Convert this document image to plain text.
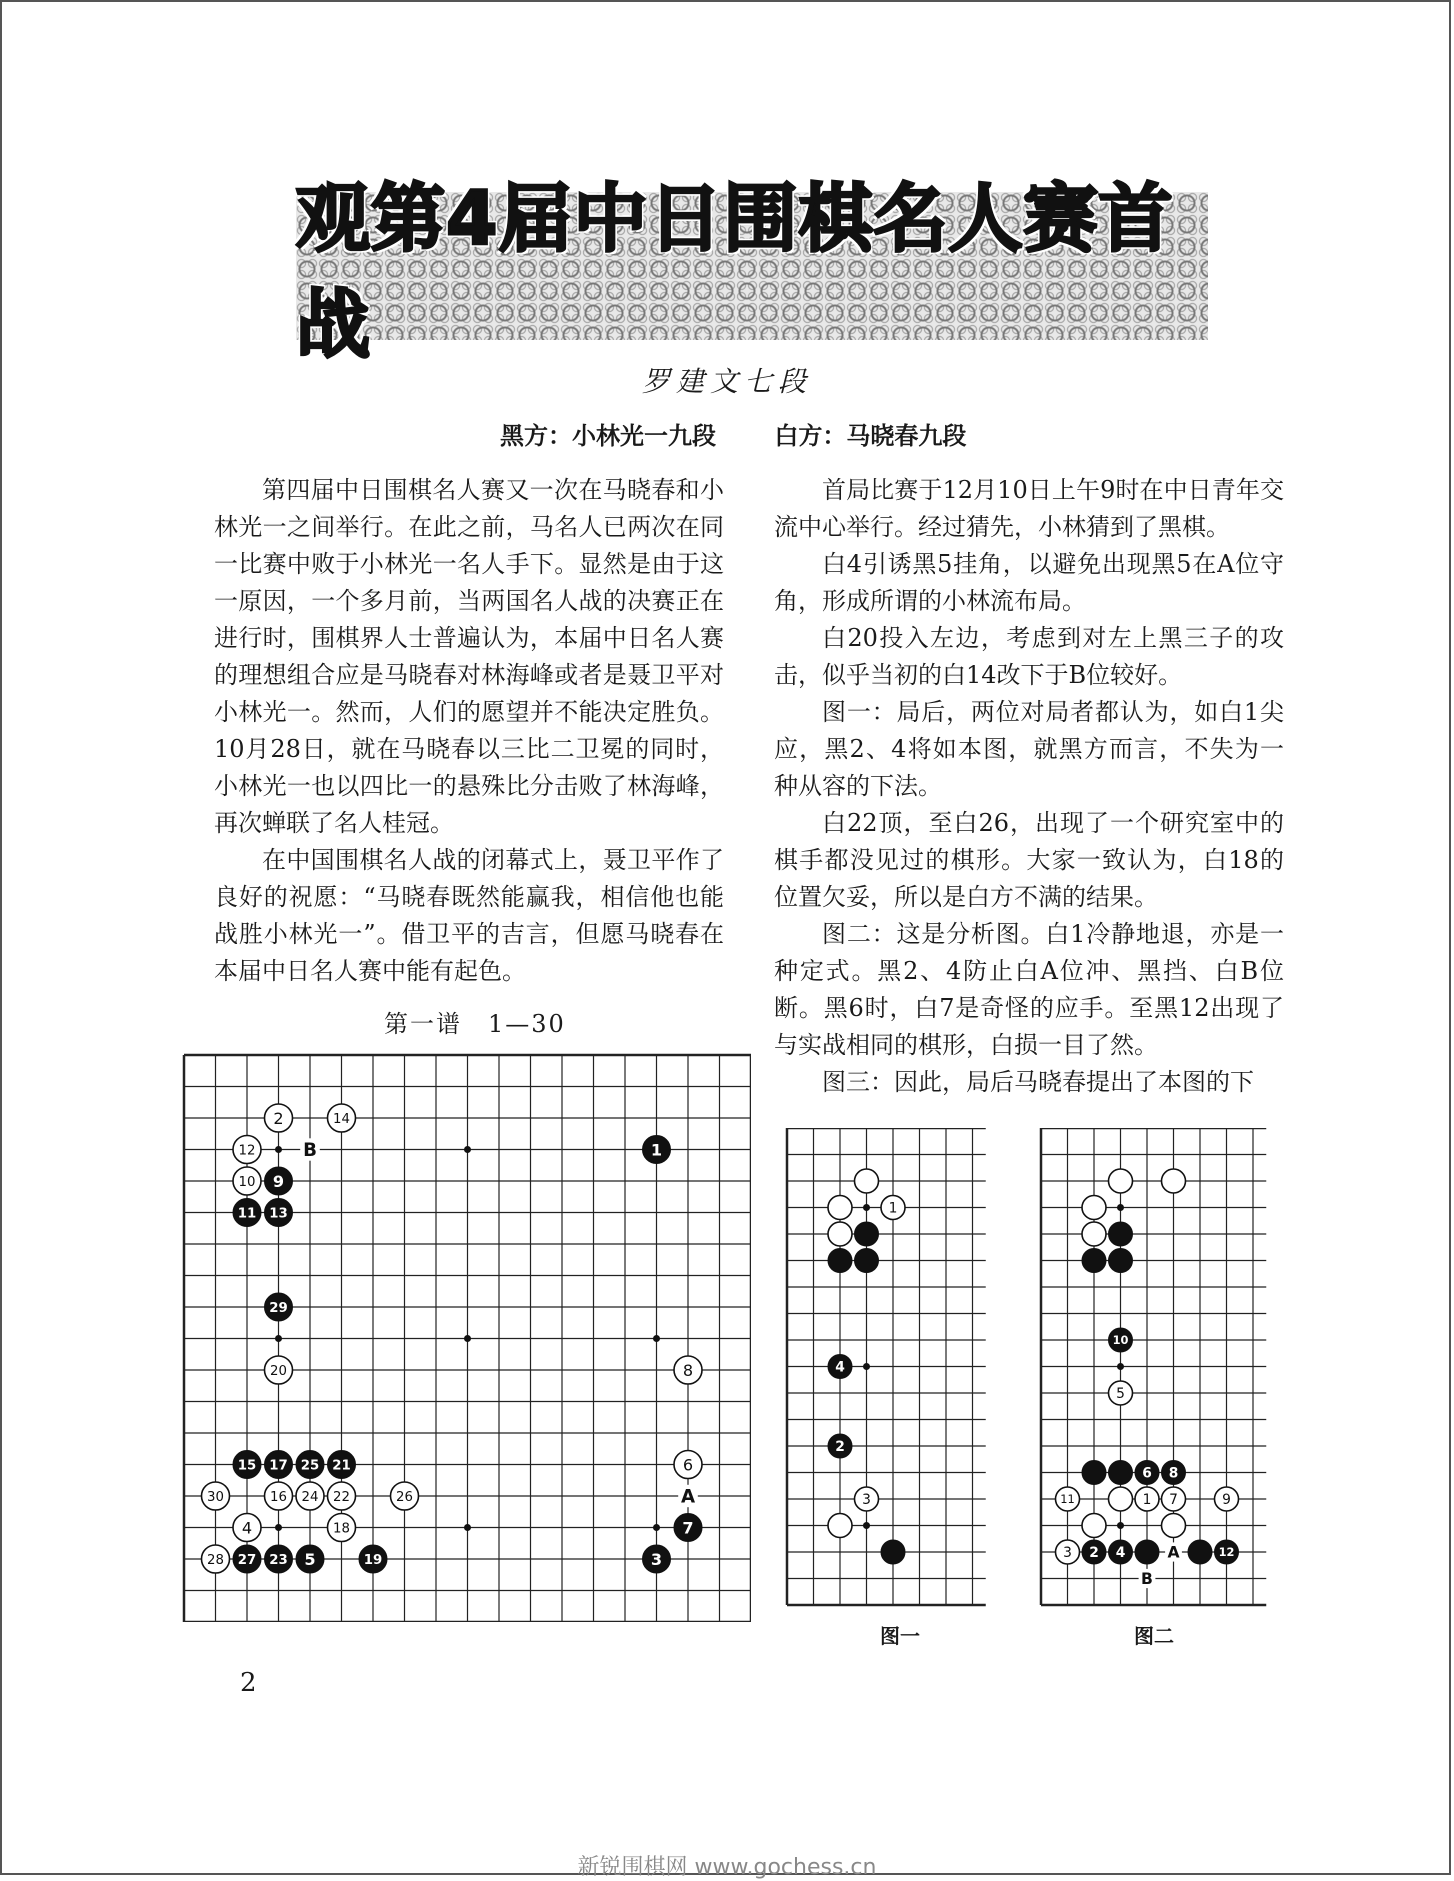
观第4届中日围棋名人赛首战
罗建文七段
黑方：小林光一九段 白方：马晓春九段

第四届中日围棋名人赛又一次在马晓春和小林光一之间举行。在此之前，马名人已两次在同一比赛中败于小林光一名人手下。显然是由于这一原因，一个多月前，当两国名人战的决赛正在进行时，围棋界人士普遍认为，本届中日名人赛的理想组合应是马晓春对林海峰或者是聂卫平对小林光一。然而，人们的愿望并不能决定胜负。10月28日，就在马晓春以三比二卫冕的同时，小林光一也以四比一的悬殊比分击败了林海峰，再次蝉联了名人桂冠。

在中国围棋名人战的闭幕式上，聂卫平作了良好的祝愿：“马晓春既然能赢我，相信他也能战胜小林光一”。借卫平的吉言，但愿马晓春在本届中日名人赛中能有起色。

首局比赛于12月10日上午9时在中日青年交流中心举行。经过猜先，小林猜到了黑棋。

白4引诱黑5挂角，以避免出现黑5在A位守角，形成所谓的小林流布局。

白20投入左边，考虑到对左上黑三子的攻击，似乎当初的白14改下于B位较好。

图一：局后，两位对局者都认为，如白1尖应，黑2、4将如本图，就黑方而言，不失为一种从容的下法。

白22顶，至白26，出现了一个研究室中的棋手都没见过的棋形。大家一致认为，白18的位置欠妥，所以是白方不满的结果。

图二：这是分析图。白1冷静地退，亦是一种定式。黑2、4防止白A位冲、黑挡、白B位断。黑6时，白7是奇怪的应手。至黑12出现了与实战相同的棋形，白损一目了然。

图三：因此，局后马晓春提出了本图的下

第一谱　1—30
2
4
6
8
10
12
14
16
18
20
22
24	26
28
30
1
3
5
7
9
11 13
15 17
19
21
23
25
27
29
B
A
1
3
2
4
图一
5
11	1 7	9
3
10
6 8
2 4	12
A
B
图二
2
新锐围棋网 www.gochess.cn
